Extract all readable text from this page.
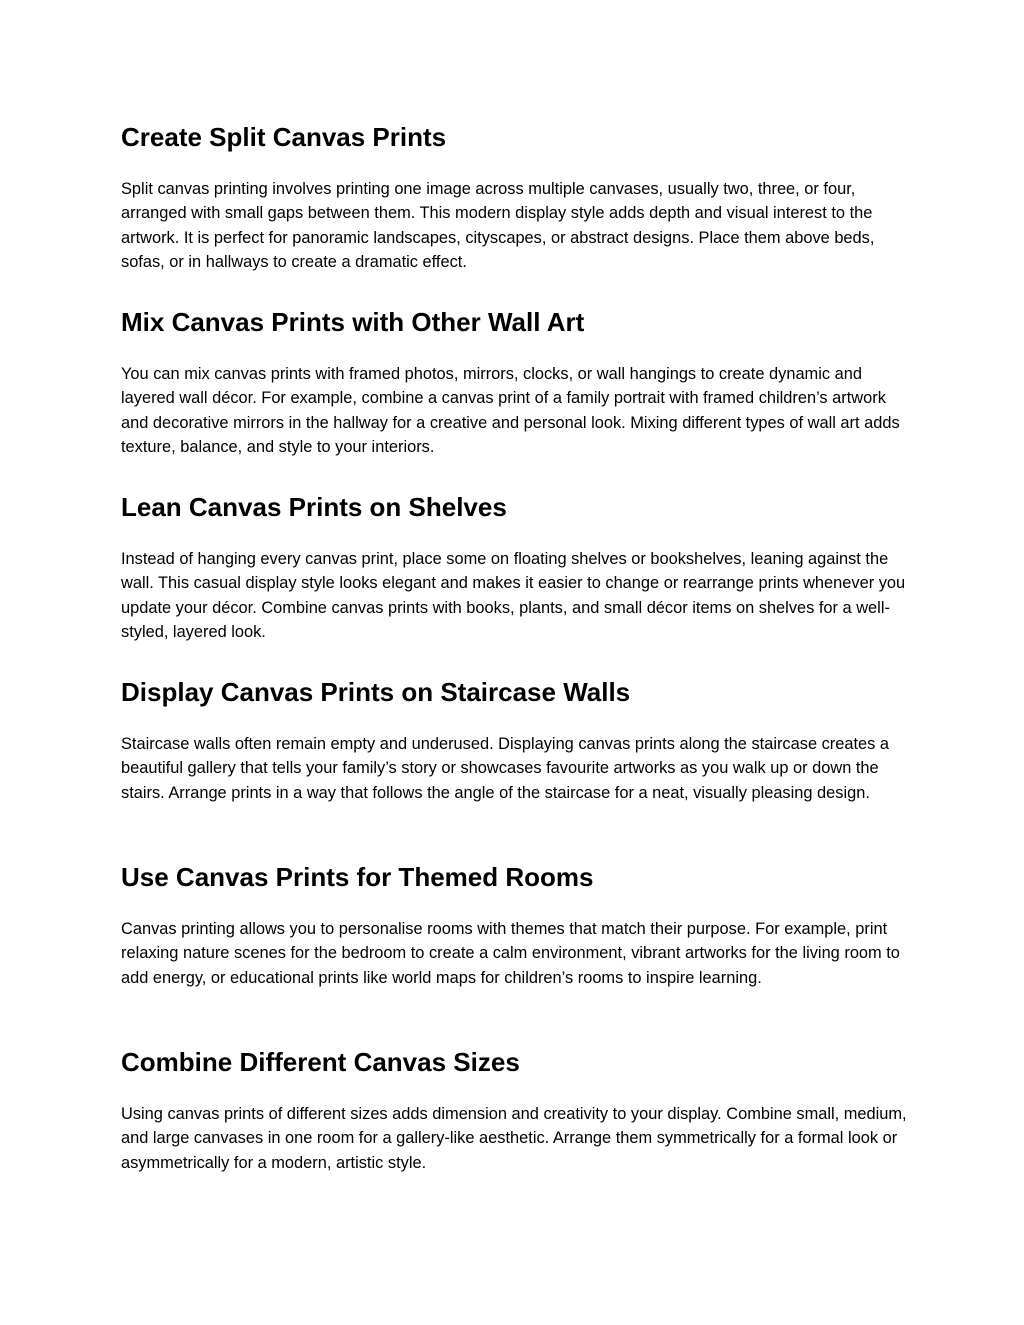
Create Split Canvas Prints

Split canvas printing involves printing one image across multiple canvases, usually two, three, or four, arranged with small gaps between them. This modern display style adds depth and visual interest to the artwork. It is perfect for panoramic landscapes, cityscapes, or abstract designs. Place them above beds, sofas, or in hallways to create a dramatic effect.

Mix Canvas Prints with Other Wall Art

You can mix canvas prints with framed photos, mirrors, clocks, or wall hangings to create dynamic and layered wall décor. For example, combine a canvas print of a family portrait with framed children’s artwork and decorative mirrors in the hallway for a creative and personal look. Mixing different types of wall art adds texture, balance, and style to your interiors.

Lean Canvas Prints on Shelves

Instead of hanging every canvas print, place some on floating shelves or bookshelves, leaning against the wall. This casual display style looks elegant and makes it easier to change or rearrange prints whenever you update your décor. Combine canvas prints with books, plants, and small décor items on shelves for a well-styled, layered look.

Display Canvas Prints on Staircase Walls

Staircase walls often remain empty and underused. Displaying canvas prints along the staircase creates a beautiful gallery that tells your family’s story or showcases favourite artworks as you walk up or down the stairs. Arrange prints in a way that follows the angle of the staircase for a neat, visually pleasing design.

Use Canvas Prints for Themed Rooms

Canvas printing allows you to personalise rooms with themes that match their purpose. For example, print relaxing nature scenes for the bedroom to create a calm environment, vibrant artworks for the living room to add energy, or educational prints like world maps for children’s rooms to inspire learning.

Combine Different Canvas Sizes

Using canvas prints of different sizes adds dimension and creativity to your display. Combine small, medium, and large canvases in one room for a gallery-like aesthetic. Arrange them symmetrically for a formal look or asymmetrically for a modern, artistic style.
